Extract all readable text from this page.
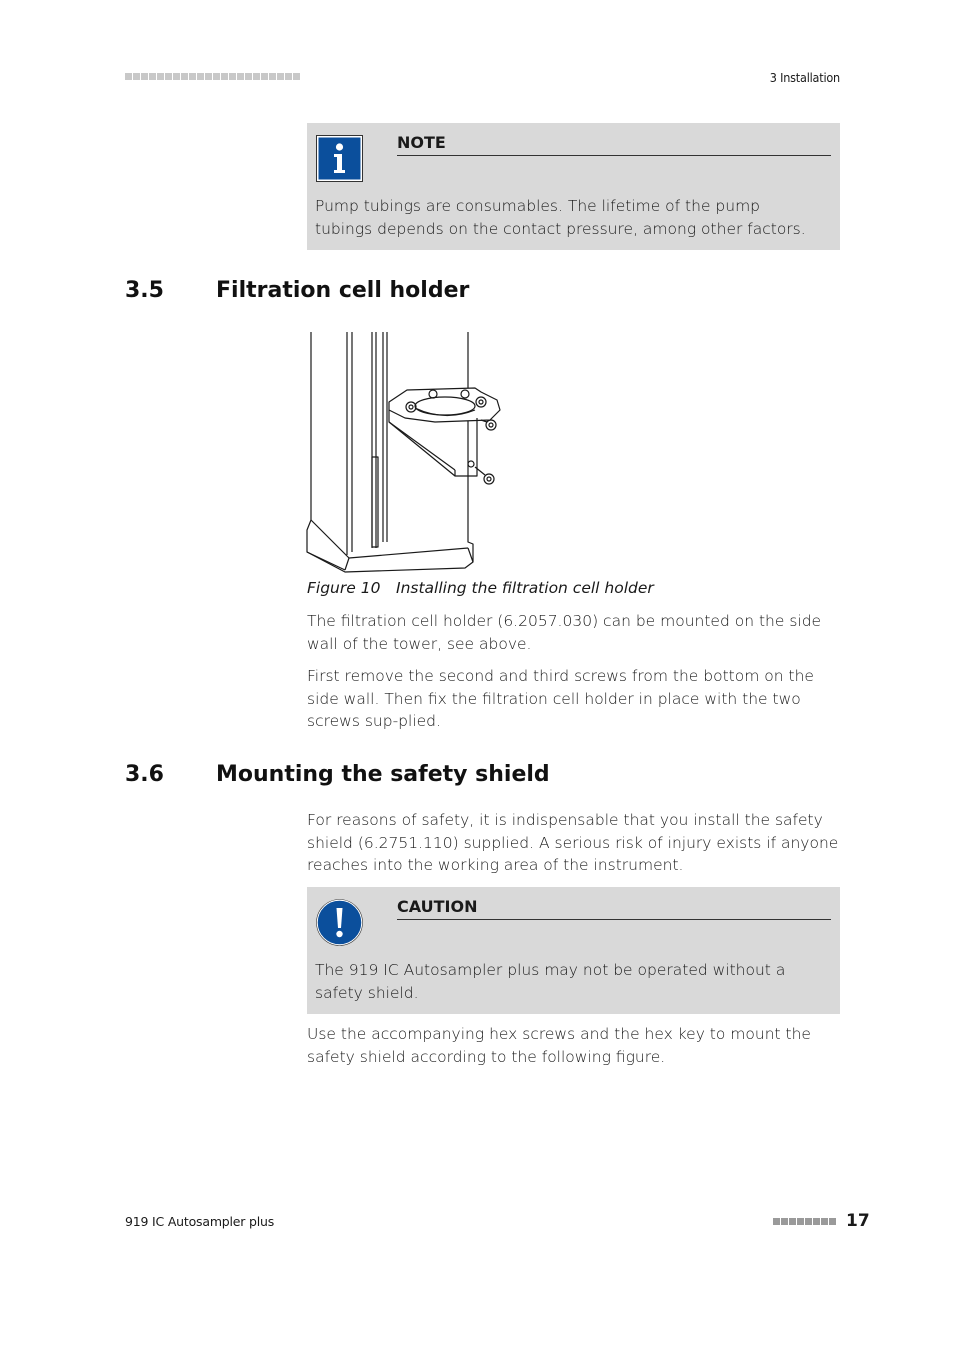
3 Installation
NOTE
Pump tubings are consumables. The lifetime of the pump tubings depends on the contact pressure, among other factors.
3.5 Filtration cell holder
Figure 10 Installing the filtration cell holder
The filtration cell holder (6.2057.030) can be mounted on the side wall of the tower, see above.
First remove the second and third screws from the bottom on the side wall. Then fix the filtration cell holder in place with the two screws sup-plied.
3.6 Mounting the safety shield
For reasons of safety, it is indispensable that you install the safety shield (6.2751.110) supplied. A serious risk of injury exists if anyone reaches into the working area of the instrument.
CAUTION
The 919 IC Autosampler plus may not be operated without a safety shield.
Use the accompanying hex screws and the hex key to mount the safety shield according to the following figure.
919 IC Autosampler plus	17
